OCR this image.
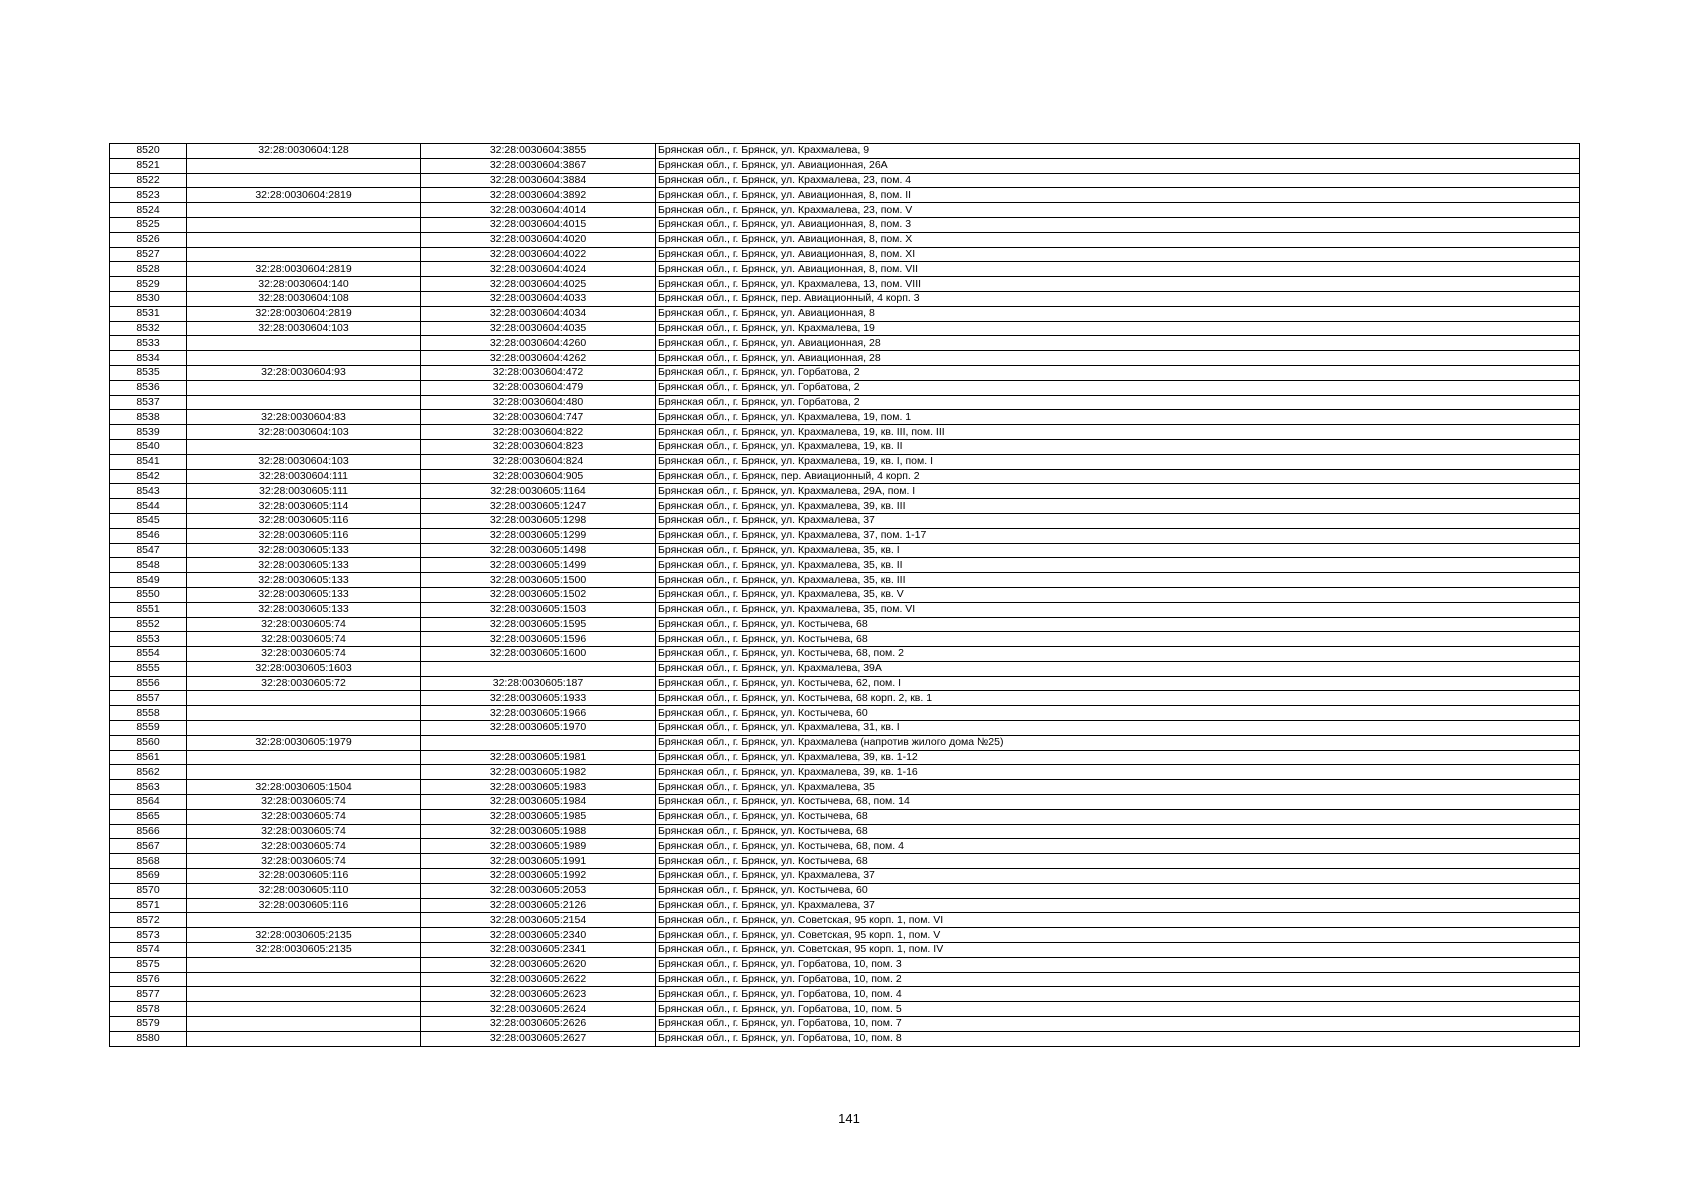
8520	32:28:0030604:128	32:28:0030604:3855	Брянская обл., г. Брянск, ул. Крахмалева, 9
8521		32:28:0030604:3867	Брянская обл., г. Брянск, ул. Авиационная, 26А
8522		32:28:0030604:3884	Брянская обл., г. Брянск, ул. Крахмалева, 23, пом. 4
8523	32:28:0030604:2819	32:28:0030604:3892	Брянская обл., г. Брянск, ул. Авиационная, 8, пом. II
8524		32:28:0030604:4014	Брянская обл., г. Брянск, ул. Крахмалева, 23, пом. V
8525		32:28:0030604:4015	Брянская обл., г. Брянск, ул. Авиационная, 8, пом. 3
8526		32:28:0030604:4020	Брянская обл., г. Брянск, ул. Авиационная, 8, пом. X
8527		32:28:0030604:4022	Брянская обл., г. Брянск, ул. Авиационная, 8, пом. XI
8528	32:28:0030604:2819	32:28:0030604:4024	Брянская обл., г. Брянск, ул. Авиационная, 8, пом. VII
8529	32:28:0030604:140	32:28:0030604:4025	Брянская обл., г. Брянск, ул. Крахмалева, 13, пом. VIII
8530	32:28:0030604:108	32:28:0030604:4033	Брянская обл., г. Брянск, пер. Авиационный, 4 корп. 3
8531	32:28:0030604:2819	32:28:0030604:4034	Брянская обл., г. Брянск, ул. Авиационная, 8
8532	32:28:0030604:103	32:28:0030604:4035	Брянская обл., г. Брянск, ул. Крахмалева, 19
8533		32:28:0030604:4260	Брянская обл., г. Брянск, ул. Авиационная, 28
8534		32:28:0030604:4262	Брянская обл., г. Брянск, ул. Авиационная, 28
8535	32:28:0030604:93	32:28:0030604:472	Брянская обл., г. Брянск, ул. Горбатова, 2
8536		32:28:0030604:479	Брянская обл., г. Брянск, ул. Горбатова, 2
8537		32:28:0030604:480	Брянская обл., г. Брянск, ул. Горбатова, 2
8538	32:28:0030604:83	32:28:0030604:747	Брянская обл., г. Брянск, ул. Крахмалева, 19, пом. 1
8539	32:28:0030604:103	32:28:0030604:822	Брянская обл., г. Брянск, ул. Крахмалева, 19, кв. III, пом. III
8540		32:28:0030604:823	Брянская обл., г. Брянск, ул. Крахмалева, 19, кв. II
8541	32:28:0030604:103	32:28:0030604:824	Брянская обл., г. Брянск, ул. Крахмалева, 19, кв. I, пом. I
8542	32:28:0030604:111	32:28:0030604:905	Брянская обл., г. Брянск, пер. Авиационный, 4 корп. 2
8543	32:28:0030605:111	32:28:0030605:1164	Брянская обл., г. Брянск, ул. Крахмалева, 29А, пом. I
8544	32:28:0030605:114	32:28:0030605:1247	Брянская обл., г. Брянск, ул. Крахмалева, 39, кв. III
8545	32:28:0030605:116	32:28:0030605:1298	Брянская обл., г. Брянск, ул. Крахмалева, 37
8546	32:28:0030605:116	32:28:0030605:1299	Брянская обл., г. Брянск, ул. Крахмалева, 37, пом. 1-17
8547	32:28:0030605:133	32:28:0030605:1498	Брянская обл., г. Брянск, ул. Крахмалева, 35, кв. I
8548	32:28:0030605:133	32:28:0030605:1499	Брянская обл., г. Брянск, ул. Крахмалева, 35, кв. II
8549	32:28:0030605:133	32:28:0030605:1500	Брянская обл., г. Брянск, ул. Крахмалева, 35, кв. III
8550	32:28:0030605:133	32:28:0030605:1502	Брянская обл., г. Брянск, ул. Крахмалева, 35, кв. V
8551	32:28:0030605:133	32:28:0030605:1503	Брянская обл., г. Брянск, ул. Крахмалева, 35, пом. VI
8552	32:28:0030605:74	32:28:0030605:1595	Брянская обл., г. Брянск, ул. Костычева, 68
8553	32:28:0030605:74	32:28:0030605:1596	Брянская обл., г. Брянск, ул. Костычева, 68
8554	32:28:0030605:74	32:28:0030605:1600	Брянская обл., г. Брянск, ул. Костычева, 68, пом. 2
8555	32:28:0030605:1603		Брянская обл., г. Брянск, ул. Крахмалева, 39А
8556	32:28:0030605:72	32:28:0030605:187	Брянская обл., г. Брянск, ул. Костычева, 62, пом. I
8557		32:28:0030605:1933	Брянская обл., г. Брянск, ул. Костычева, 68 корп. 2, кв. 1
8558		32:28:0030605:1966	Брянская обл., г. Брянск, ул. Костычева, 60
8559		32:28:0030605:1970	Брянская обл., г. Брянск, ул. Крахмалева, 31, кв. I
8560	32:28:0030605:1979		Брянская обл., г. Брянск, ул. Крахмалева (напротив жилого дома №25)
8561		32:28:0030605:1981	Брянская обл., г. Брянск, ул. Крахмалева, 39, кв. 1-12
8562		32:28:0030605:1982	Брянская обл., г. Брянск, ул. Крахмалева, 39, кв. 1-16
8563	32:28:0030605:1504	32:28:0030605:1983	Брянская обл., г. Брянск, ул. Крахмалева, 35
8564	32:28:0030605:74	32:28:0030605:1984	Брянская обл., г. Брянск, ул. Костычева, 68, пом. 14
8565	32:28:0030605:74	32:28:0030605:1985	Брянская обл., г. Брянск, ул. Костычева, 68
8566	32:28:0030605:74	32:28:0030605:1988	Брянская обл., г. Брянск, ул. Костычева, 68
8567	32:28:0030605:74	32:28:0030605:1989	Брянская обл., г. Брянск, ул. Костычева, 68, пом. 4
8568	32:28:0030605:74	32:28:0030605:1991	Брянская обл., г. Брянск, ул. Костычева, 68
8569	32:28:0030605:116	32:28:0030605:1992	Брянская обл., г. Брянск, ул. Крахмалева, 37
8570	32:28:0030605:110	32:28:0030605:2053	Брянская обл., г. Брянск, ул. Костычева, 60
8571	32:28:0030605:116	32:28:0030605:2126	Брянская обл., г. Брянск, ул. Крахмалева, 37
8572		32:28:0030605:2154	Брянская обл., г. Брянск, ул. Советская, 95 корп. 1, пом. VI
8573	32:28:0030605:2135	32:28:0030605:2340	Брянская обл., г. Брянск, ул. Советская, 95 корп. 1, пом. V
8574	32:28:0030605:2135	32:28:0030605:2341	Брянская обл., г. Брянск, ул. Советская, 95 корп. 1, пом. IV
8575		32:28:0030605:2620	Брянская обл., г. Брянск, ул. Горбатова, 10, пом. 3
8576		32:28:0030605:2622	Брянская обл., г. Брянск, ул. Горбатова, 10, пом. 2
8577		32:28:0030605:2623	Брянская обл., г. Брянск, ул. Горбатова, 10, пом. 4
8578		32:28:0030605:2624	Брянская обл., г. Брянск, ул. Горбатова, 10, пом. 5
8579		32:28:0030605:2626	Брянская обл., г. Брянск, ул. Горбатова, 10, пом. 7
8580		32:28:0030605:2627	Брянская обл., г. Брянск, ул. Горбатова, 10, пом. 8
141
